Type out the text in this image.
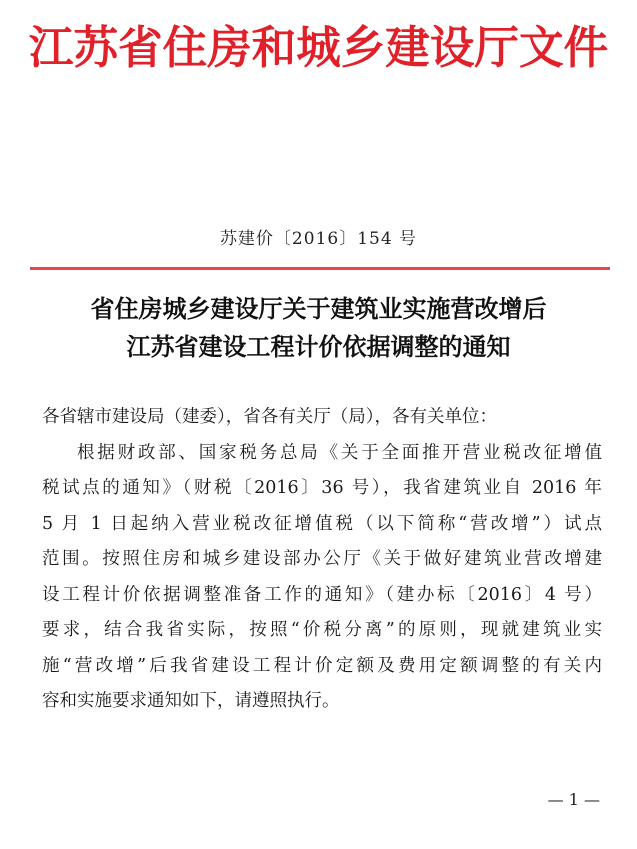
江苏省住房和城乡建设厅文件
苏建价〔2016〕154 号
省住房城乡建设厅关于建筑业实施营改增后
江苏省建设工程计价依据调整的通知
各省辖市建设局（建委），省各有关厅（局），各有关单位：
根据财政部、国家税务总局《关于全面推开营业税改征增值
税试点的通知》（财税〔2016〕36 号），我省建筑业自 2016 年
5 月 1 日起纳入营业税改征增值税（以下简称“营改增”）试点
范围。按照住房和城乡建设部办公厅《关于做好建筑业营改增建
设工程计价依据调整准备工作的通知》（建办标〔2016〕4 号）
要求，结合我省实际，按照“价税分离”的原则，现就建筑业实
施“营改增”后我省建设工程计价定额及费用定额调整的有关内
容和实施要求通知如下，请遵照执行。
— 1 —
